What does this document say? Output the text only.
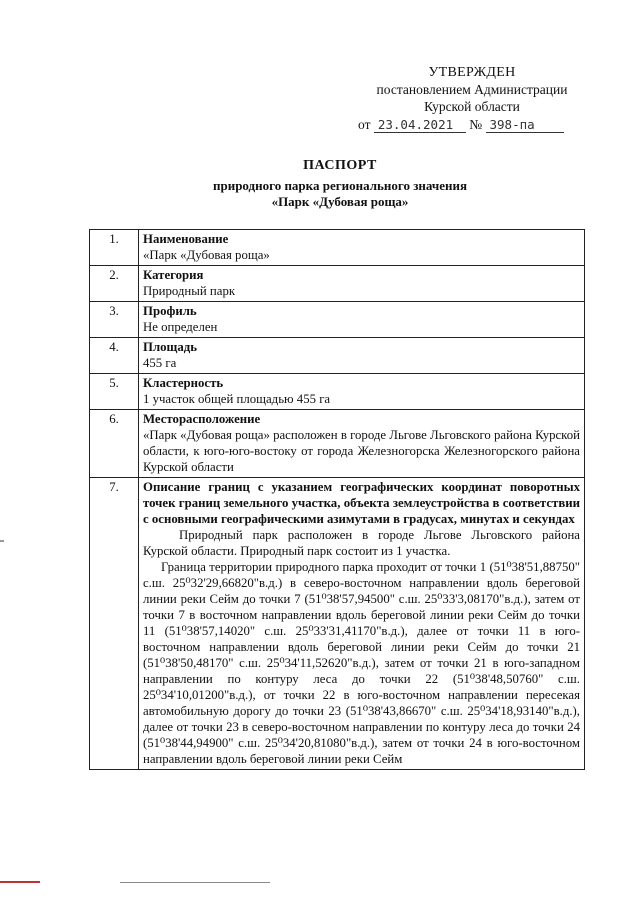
УТВЕРЖДЕН
постановлением Администрации
Курской области
от 23.04.2021 № 398-па
ПАСПОРТ
природного парка регионального значения
«Парк «Дубовая роща»
1.	Наименование
«Парк «Дубовая роща»

2.	Категория
Природный парк

3.	Профиль
Не определен

4.	Площадь
455 га

5.	Кластерность
1 участок общей площадью 455 га

6.	Месторасположение
«Парк «Дубовая роща» расположен в городе Льгове Льговского района Курской области, к юго-юго-востоку от города Железногорска Железногорского района Курской области

7.	Описание границ с указанием географических координат поворотных точек границ земельного участка, объекта землеустройства в соответствии с основными географическими азимутами в градусах, минутах и секундах
Природный парк расположен в городе Льгове Льговского района Курской области. Природный парк состоит из 1 участка.
Граница территории природного парка проходит от точки 1 (51⁰38'51,88750" с.ш. 25⁰32'29,66820"в.д.) в северо-восточном направлении вдоль береговой линии реки Сейм до точки 7 (51⁰38'57,94500" с.ш. 25⁰33'3,08170"в.д.), затем от точки 7 в восточном направлении вдоль береговой линии реки Сейм до точки 11 (51⁰38'57,14020" с.ш. 25⁰33'31,41170"в.д.), далее от точки 11 в юго-восточном направлении вдоль береговой линии реки Сейм до точки 21 (51⁰38'50,48170" с.ш. 25⁰34'11,52620"в.д.), затем от точки 21 в юго-западном направлении по контуру леса до точки 22 (51⁰38'48,50760" с.ш. 25⁰34'10,01200"в.д.), от точки 22 в юго-восточном направлении пересекая автомобильную дорогу до точки 23 (51⁰38'43,86670" с.ш. 25⁰34'18,93140"в.д.), далее от точки 23 в северо-восточном направлении по контуру леса до точки 24 (51⁰38'44,94900" с.ш. 25⁰34'20,81080"в.д.), затем от точки 24 в юго-восточном направлении вдоль береговой линии реки Сейм
